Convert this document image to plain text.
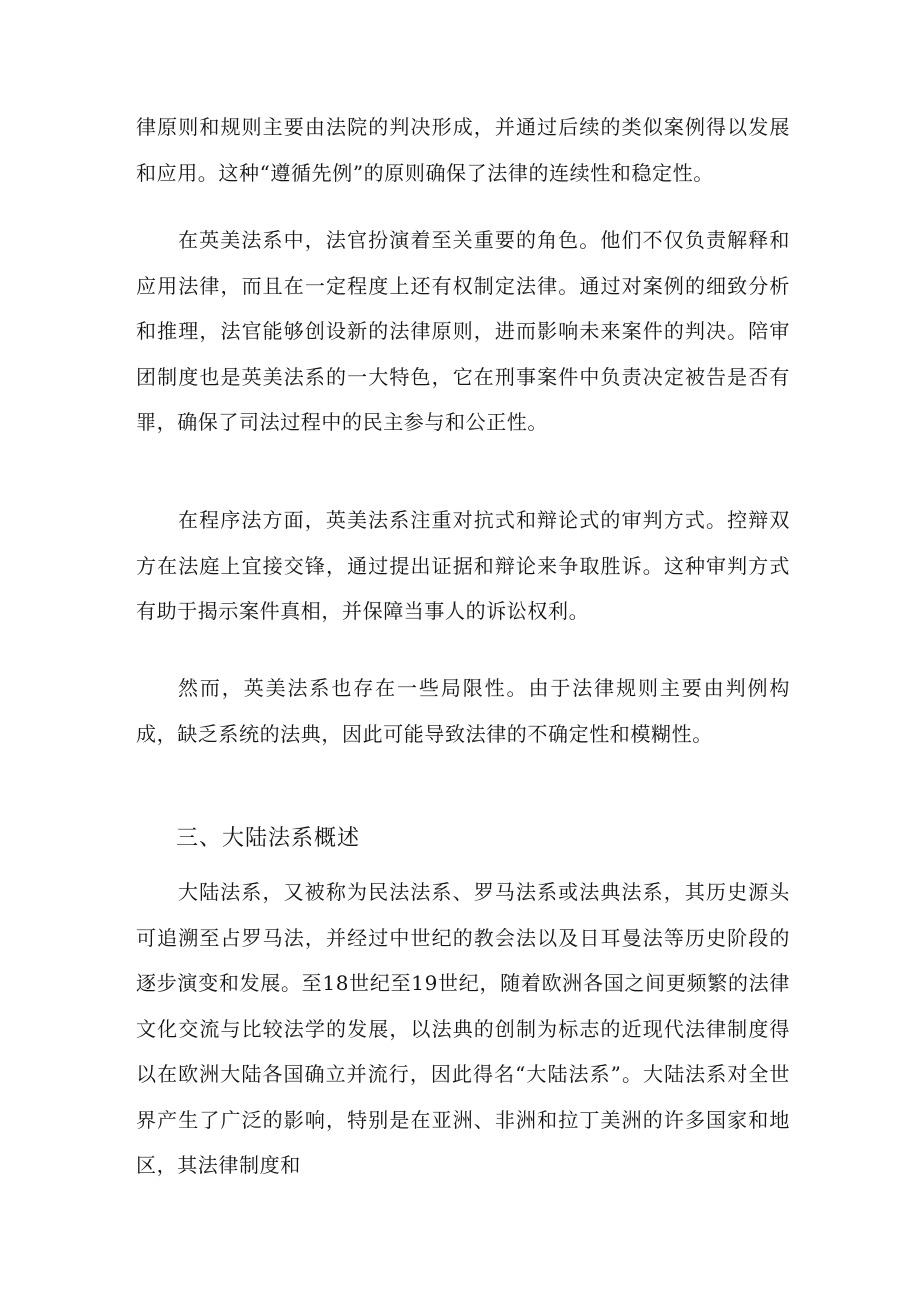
律原则和规则主要由法院的判决形成，并通过后续的类似案例得以发展和应用。这种“遵循先例”的原则确保了法律的连续性和稳定性。

在英美法系中，法官扮演着至关重要的角色。他们不仅负责解释和应用法律，而且在一定程度上还有权制定法律。通过对案例的细致分析和推理，法官能够创设新的法律原则，进而影响未来案件的判决。陪审团制度也是英美法系的一大特色，它在刑事案件中负责决定被告是否有罪，确保了司法过程中的民主参与和公正性。

在程序法方面，英美法系注重对抗式和辩论式的审判方式。控辩双方在法庭上宜接交锋，通过提出证据和辩论来争取胜诉。这种审判方式有助于揭示案件真相，并保障当事人的诉讼权利。

然而，英美法系也存在一些局限性。由于法律规则主要由判例构成，缺乏系统的法典，因此可能导致法律的不确定性和模糊性。

三、大陆法系概述

大陆法系，又被称为民法法系、罗马法系或法典法系，其历史源头可追溯至占罗马法，并经过中世纪的教会法以及日耳曼法等历史阶段的逐步演变和发展。至18世纪至19世纪，随着欧洲各国之间更频繁的法律文化交流与比较法学的发展，以法典的创制为标志的近现代法律制度得以在欧洲大陆各国确立并流行，因此得名“大陆法系”。大陆法系对全世界产生了广泛的影响，特别是在亚洲、非洲和拉丁美洲的许多国家和地区，其法律制度和
